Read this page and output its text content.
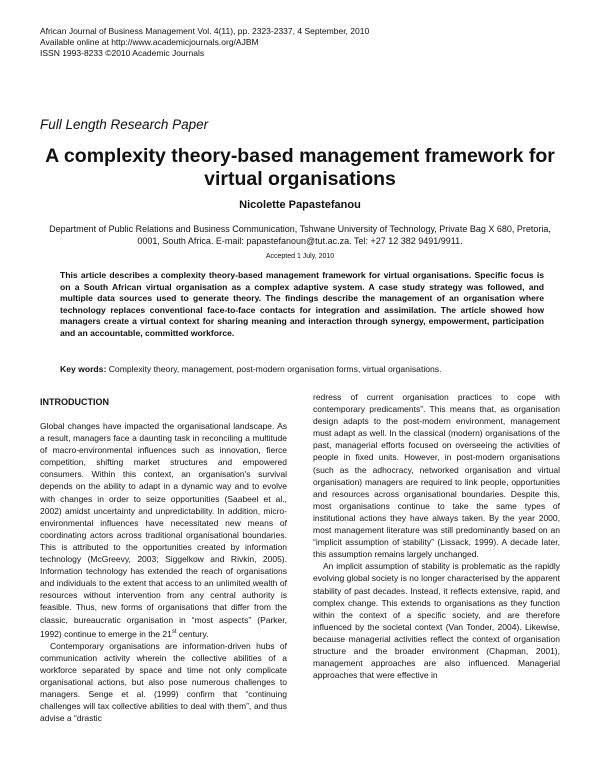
African Journal of Business Management Vol. 4(11), pp. 2323-2337, 4 September, 2010
Available online at http://www.academicjournals.org/AJBM
ISSN 1993-8233 ©2010 Academic Journals
Full Length Research Paper
A complexity theory-based management framework for virtual organisations
Nicolette Papastefanou
Department of Public Relations and Business Communication, Tshwane University of Technology, Private Bag X 680, Pretoria, 0001, South Africa. E-mail: papastefanoun@tut.ac.za. Tel: +27 12 382 9491/9911.
Accepted 1 July, 2010
This article describes a complexity theory-based management framework for virtual organisations. Specific focus is on a South African virtual organisation as a complex adaptive system. A case study strategy was followed, and multiple data sources used to generate theory. The findings describe the management of an organisation where technology replaces conventional face-to-face contacts for integration and assimilation. The article showed how managers create a virtual context for sharing meaning and interaction through synergy, empowerment, participation and an accountable, committed workforce.
Key words: Complexity theory, management, post-modern organisation forms, virtual organisations.
INTRODUCTION

Global changes have impacted the organisational landscape. As a result, managers face a daunting task in reconciling a multitude of macro-environmental influences such as innovation, fierce competition, shifting market structures and empowered consumers. Within this context, an organisation's survival depends on the ability to adapt in a dynamic way and to evolve with changes in order to seize opportunities (Saabeel et al., 2002) amidst uncertainty and unpredictability. In addition, micro-environmental influences have necessitated new means of coordinating actors across traditional organisational boundaries. This is attributed to the opportunities created by information technology (McGreevy, 2003; Siggelkow and Rivkin, 2005). Information technology has extended the reach of organisations and individuals to the extent that access to an unlimited wealth of resources without intervention from any central authority is feasible. Thus, new forms of organisations that differ from the classic, bureaucratic organisation in “most aspects” (Parker, 1992) continue to emerge in the 21st century.

Contemporary organisations are information-driven hubs of communication activity wherein the collective abilities of a workforce separated by space and time not only complicate organisational actions, but also pose numerous challenges to managers. Senge et al. (1999) confirm that “continuing challenges will tax collective abilities to deal with them”, and thus advise a “drastic

redress of current organisation practices to cope with contemporary predicaments”. This means that, as organisation design adapts to the post-modern environment, management must adapt as well. In the classical (modern) organisations of the past, managerial efforts focused on overseeing the activities of people in fixed units. However, in post-modern organisations (such as the adhocracy, networked organisation and virtual organisation) managers are required to link people, opportunities and resources across organisational boundaries. Despite this, most organisations continue to take the same types of institutional actions they have always taken. By the year 2000, most management literature was still predominantly based on an “implicit assumption of stability” (Lissack, 1999). A decade later, this assumption remains largely unchanged.

An implicit assumption of stability is problematic as the rapidly evolving global society is no longer characterised by the apparent stability of past decades. Instead, it reflects extensive, rapid, and complex change. This extends to organisations as they function within the context of a specific society, and are therefore influenced by the societal context (Van Tonder, 2004). Likewise, because managerial activities reflect the context of organisation structure and the broader environment (Chapman, 2001), management approaches are also influenced. Managerial approaches that were effective in
